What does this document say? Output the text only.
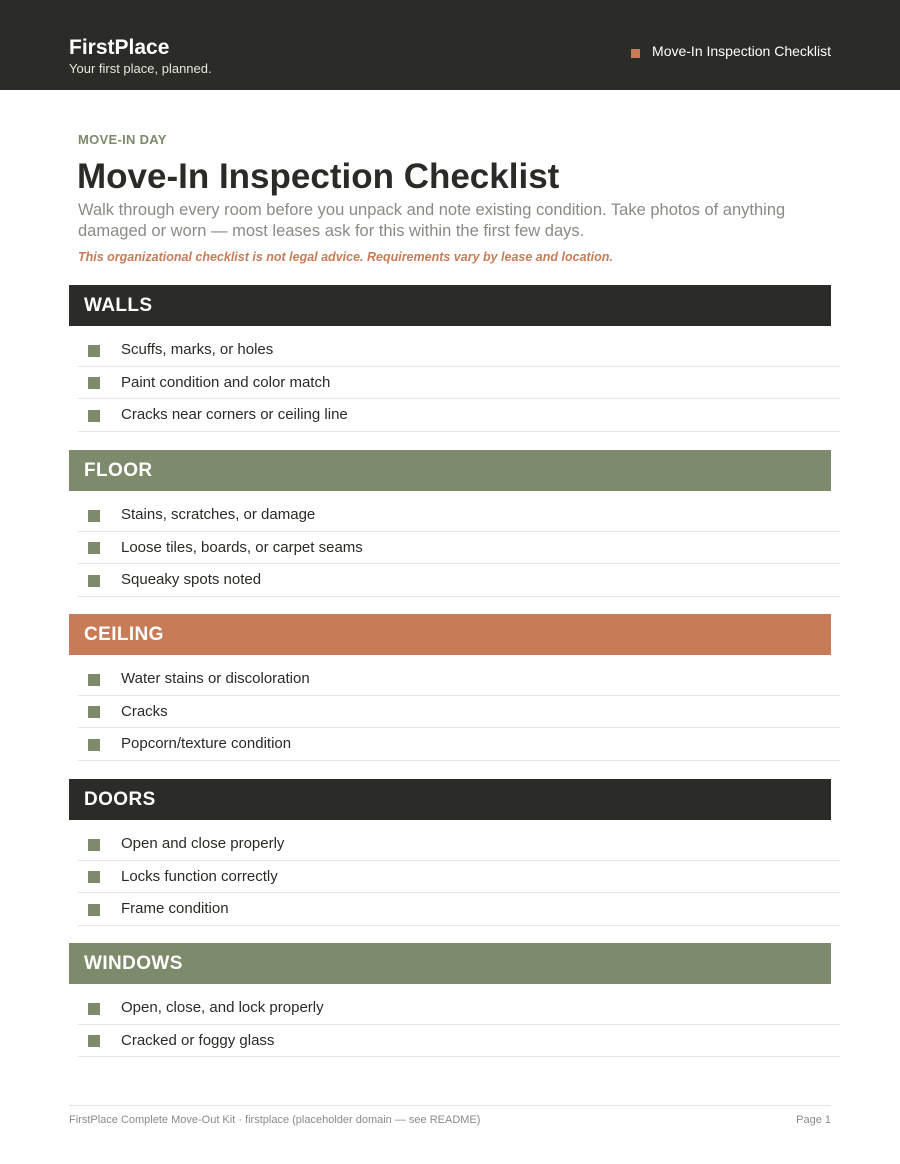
FirstPlace
Your first place, planned.
Move-In Inspection Checklist
MOVE-IN DAY
Move-In Inspection Checklist

Walk through every room before you unpack and note existing condition. Take photos of anything damaged or worn — most leases ask for this within the first few days.

This organizational checklist is not legal advice. Requirements vary by lease and location.

WALLS
Scuffs, marks, or holes
Paint condition and color match
Cracks near corners or ceiling line
FLOOR
Stains, scratches, or damage
Loose tiles, boards, or carpet seams
Squeaky spots noted
CEILING
Water stains or discoloration
Cracks
Popcorn/texture condition
DOORS
Open and close properly
Locks function correctly
Frame condition
WINDOWS
Open, close, and lock properly
Cracked or foggy glass
FirstPlace Complete Move-Out Kit · firstplace (placeholder domain — see README)	Page 1
